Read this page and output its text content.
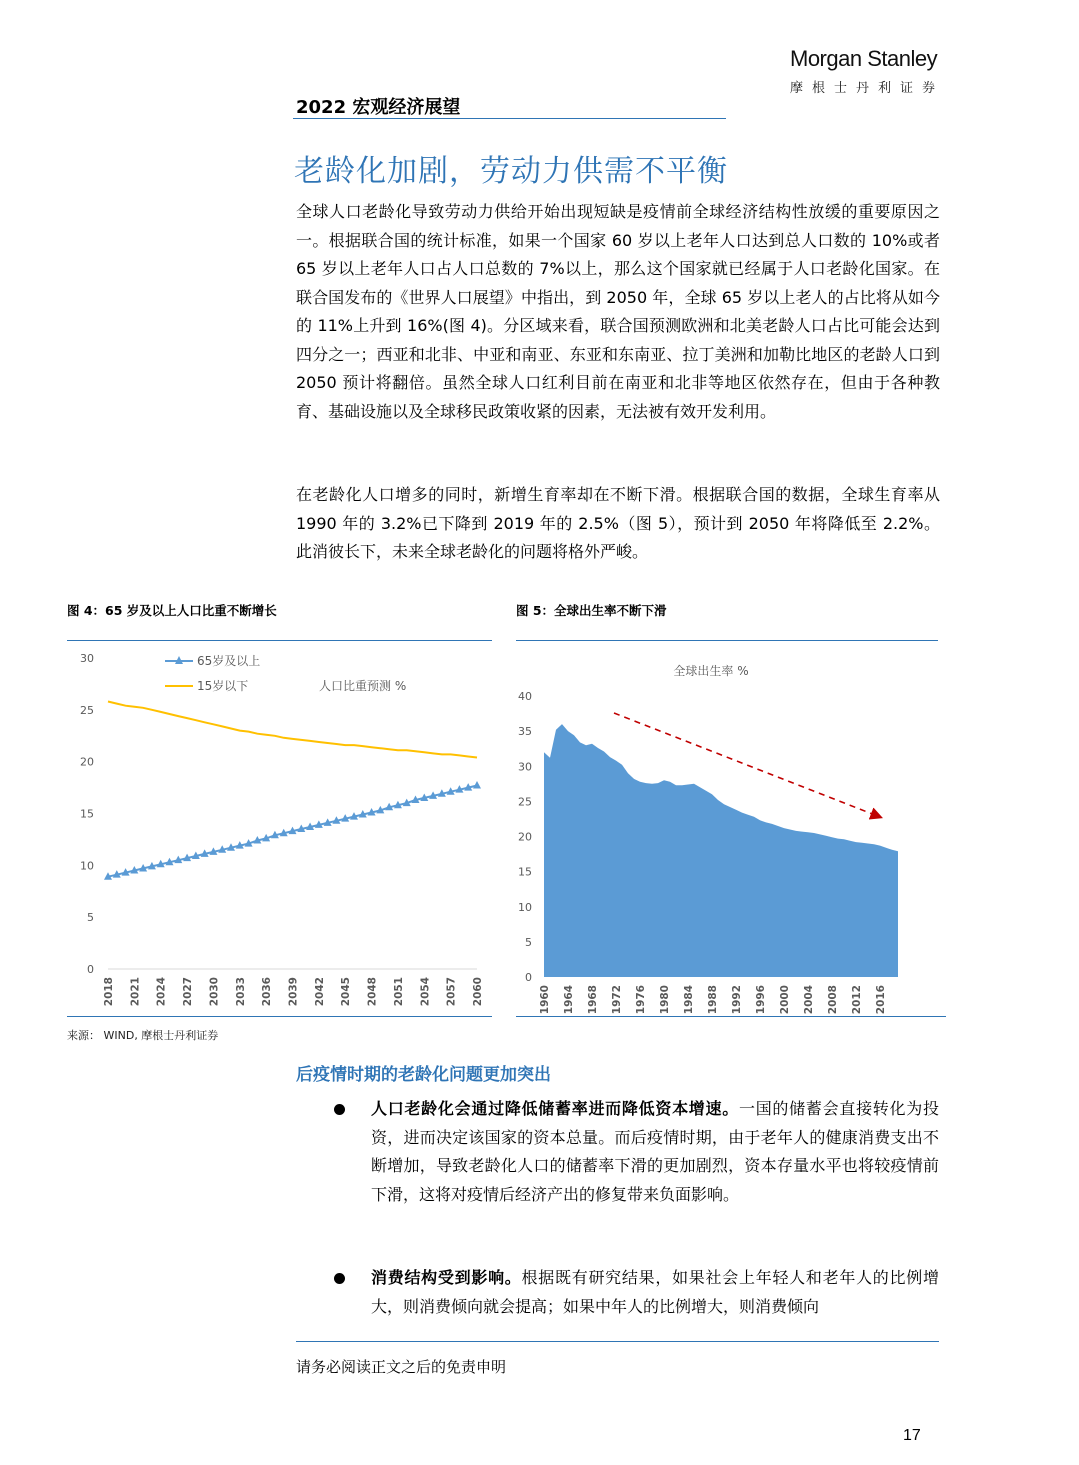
Morgan Stanley
摩根士丹利证券
2022 宏观经济展望
老龄化加剧，劳动力供需不平衡

全球人口老龄化导致劳动力供给开始出现短缺是疫情前全球经济结构性放缓的重要原因之一。根据联合国的统计标准，如果一个国家 60 岁以上老年人口达到总人口数的 10%或者 65 岁以上老年人口占人口总数的 7%以上，那么这个国家就已经属于人口老龄化国家。在联合国发布的《世界人口展望》中指出，到 2050 年，全球 65 岁以上老人的占比将从如今的 11%上升到 16%(图 4)。分区域来看，联合国预测欧洲和北美老龄人口占比可能会达到四分之一；西亚和北非、中亚和南亚、东亚和东南亚、拉丁美洲和加勒比地区的老龄人口到 2050 预计将翻倍。虽然全球人口红利目前在南亚和北非等地区依然存在，但由于各种教育、基础设施以及全球移民政策收紧的因素，无法被有效开发利用。

在老龄化人口增多的同时，新增生育率却在不断下滑。根据联合国的数据，全球生育率从 1990 年的 3.2%已下降到 2019 年的 2.5%（图 5），预计到 2050 年将降低至 2.2%。此消彼长下，未来全球老龄化的问题将格外严峻。

图 4：65 岁及以上人口比重不断增长	图 5：全球出生率不断下滑
0
5
10
15
20
25
30
2018 2021 2024 2027 2030 2033 2036 2039 2042 2045 2048 2051 2054 2057 2060
65岁及以上
15岁以下	人口比重预测 %
0
5
10
15
20
25
30
35
40
1960 1964 1968 1972 1976 1980 1984 1988 1992 1996 2000 2004 2008 2012 2016
全球出生率 %
来源： WIND, 摩根士丹利证券
后疫情时期的老龄化问题更加突出

人口老龄化会通过降低储蓄率进而降低资本增速。一国的储蓄会直接转化为投资，进而决定该国家的资本总量。而后疫情时期，由于老年人的健康消费支出不断增加，导致老龄化人口的储蓄率下滑的更加剧烈，资本存量水平也将较疫情前下滑，这将对疫情后经济产出的修复带来负面影响。

消费结构受到影响。根据既有研究结果，如果社会上年轻人和老年人的比例增大，则消费倾向就会提高；如果中年人的比例增大，则消费倾向

请务必阅读正文之后的免责申明
17
